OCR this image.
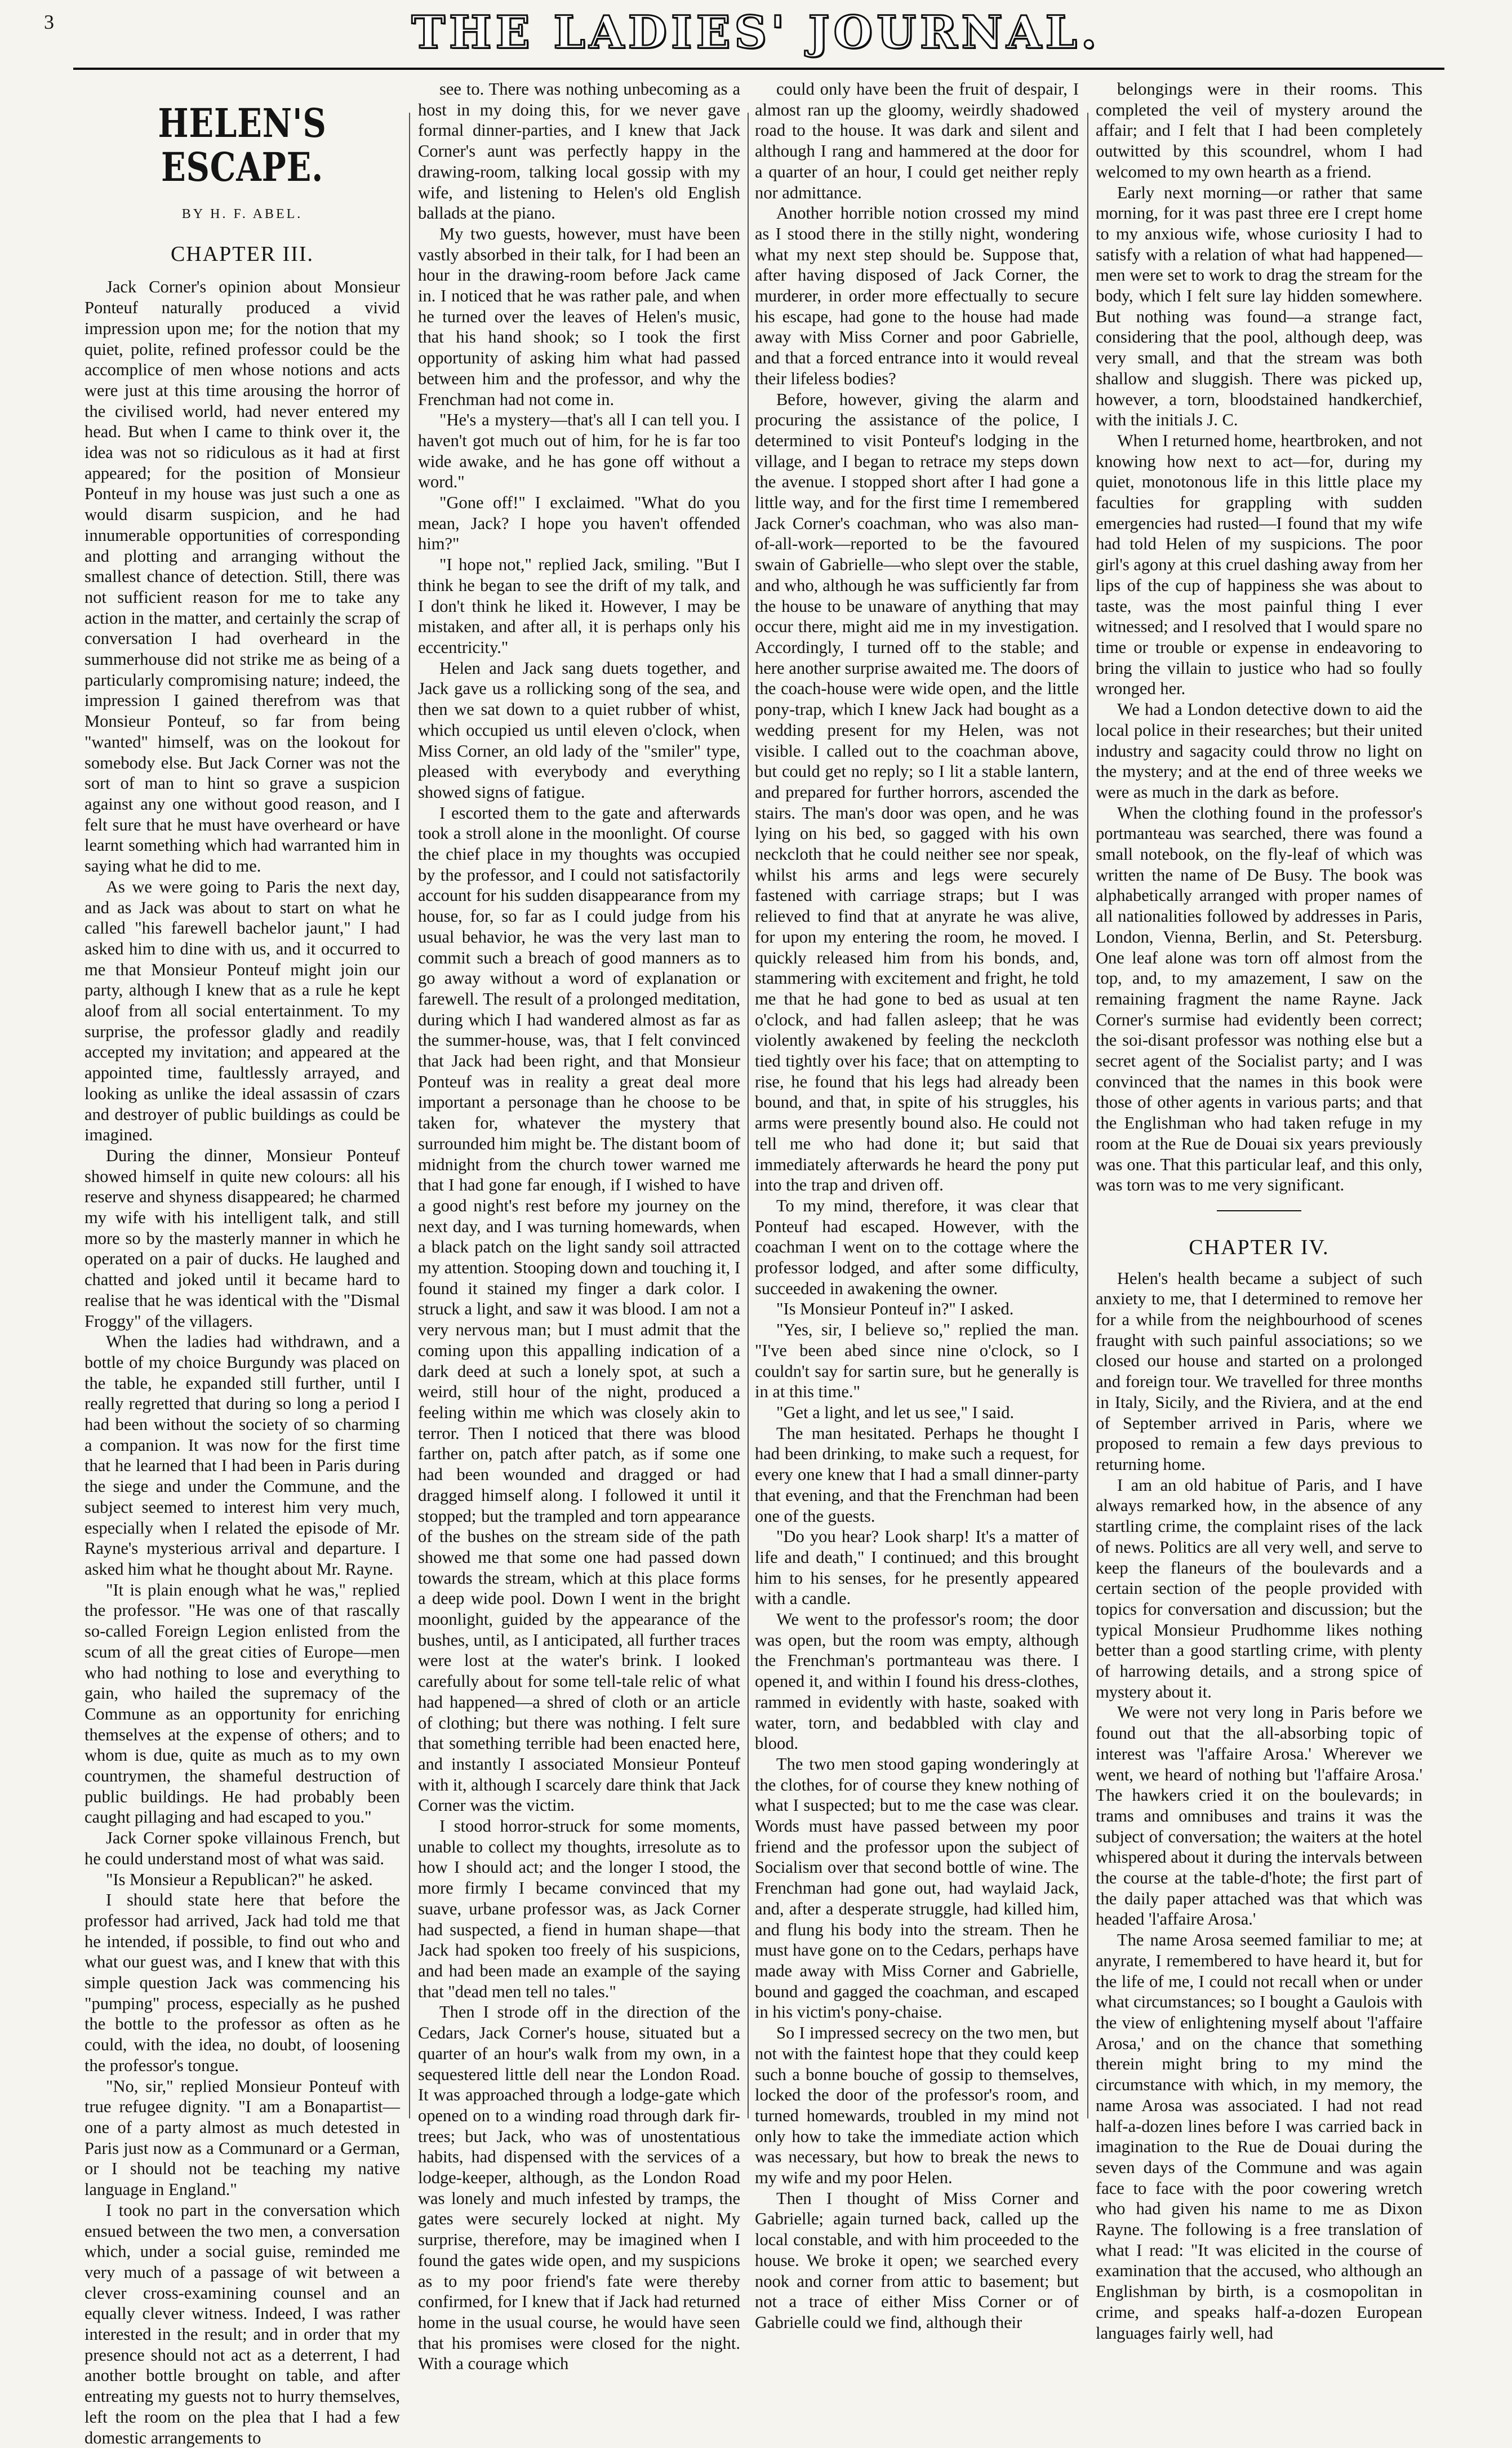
3	THE LADIES' JOURNAL.
HELEN'S ESCAPE.
BY H. F. ABEL.
CHAPTER III.

Jack Corner's opinion about Monsieur Ponteuf naturally produced a vivid impression upon me; for the notion that my quiet, polite, refined professor could be the accomplice of men whose notions and acts were just at this time arousing the horror of the civilised world, had never entered my head. But when I came to think over it, the idea was not so ridiculous as it had at first appeared; for the position of Monsieur Ponteuf in my house was just such a one as would disarm suspicion, and he had innumerable opportunities of corresponding and plotting and arranging without the smallest chance of detection. Still, there was not sufficient reason for me to take any action in the matter, and certainly the scrap of conversation I had overheard in the summerhouse did not strike me as being of a particularly compromising nature; indeed, the impression I gained therefrom was that Monsieur Ponteuf, so far from being "wanted" himself, was on the lookout for somebody else. But Jack Corner was not the sort of man to hint so grave a suspicion against any one without good reason, and I felt sure that he must have overheard or have learnt something which had warranted him in saying what he did to me.

As we were going to Paris the next day, and as Jack was about to start on what he called "his farewell bachelor jaunt," I had asked him to dine with us, and it occurred to me that Monsieur Ponteuf might join our party, although I knew that as a rule he kept aloof from all social entertainment. To my surprise, the professor gladly and readily accepted my invitation; and appeared at the appointed time, faultlessly arrayed, and looking as unlike the ideal assassin of czars and destroyer of public buildings as could be imagined.

During the dinner, Monsieur Ponteuf showed himself in quite new colours: all his reserve and shyness disappeared; he charmed my wife with his intelligent talk, and still more so by the masterly manner in which he operated on a pair of ducks. He laughed and chatted and joked until it became hard to realise that he was identical with the "Dismal Froggy" of the villagers.

When the ladies had withdrawn, and a bottle of my choice Burgundy was placed on the table, he expanded still further, until I really regretted that during so long a period I had been without the society of so charming a companion. It was now for the first time that he learned that I had been in Paris during the siege and under the Commune, and the subject seemed to interest him very much, especially when I related the episode of Mr. Rayne's mysterious arrival and departure. I asked him what he thought about Mr. Rayne.

"It is plain enough what he was," replied the professor. "He was one of that rascally so-called Foreign Legion enlisted from the scum of all the great cities of Europe—men who had nothing to lose and everything to gain, who hailed the supremacy of the Commune as an opportunity for enriching themselves at the expense of others; and to whom is due, quite as much as to my own countrymen, the shameful destruction of public buildings. He had probably been caught pillaging and had escaped to you."

Jack Corner spoke villainous French, but he could understand most of what was said.

"Is Monsieur a Republican?" he asked.

I should state here that before the professor had arrived, Jack had told me that he intended, if possible, to find out who and what our guest was, and I knew that with this simple question Jack was commencing his "pumping" process, especially as he pushed the bottle to the professor as often as he could, with the idea, no doubt, of loosening the professor's tongue.

"No, sir," replied Monsieur Ponteuf with true refugee dignity. "I am a Bonapartist—one of a party almost as much detested in Paris just now as a Communard or a German, or I should not be teaching my native language in England."

I took no part in the conversation which ensued between the two men, a conversation which, under a social guise, reminded me very much of a passage of wit between a clever cross-examining counsel and an equally clever witness. Indeed, I was rather interested in the result; and in order that my presence should not act as a deterrent, I had another bottle brought on table, and after entreating my guests not to hurry themselves, left the room on the plea that I had a few domestic arrangements to

see to. There was nothing unbecoming as a host in my doing this, for we never gave formal dinner-parties, and I knew that Jack Corner's aunt was perfectly happy in the drawing-room, talking local gossip with my wife, and listening to Helen's old English ballads at the piano.

My two guests, however, must have been vastly absorbed in their talk, for I had been an hour in the drawing-room before Jack came in. I noticed that he was rather pale, and when he turned over the leaves of Helen's music, that his hand shook; so I took the first opportunity of asking him what had passed between him and the professor, and why the Frenchman had not come in.

"He's a mystery—that's all I can tell you. I haven't got much out of him, for he is far too wide awake, and he has gone off without a word."

"Gone off!" I exclaimed. "What do you mean, Jack? I hope you haven't offended him?"

"I hope not," replied Jack, smiling. "But I think he began to see the drift of my talk, and I don't think he liked it. However, I may be mistaken, and after all, it is perhaps only his eccentricity."

Helen and Jack sang duets together, and Jack gave us a rollicking song of the sea, and then we sat down to a quiet rubber of whist, which occupied us until eleven o'clock, when Miss Corner, an old lady of the "smiler" type, pleased with everybody and everything showed signs of fatigue.

I escorted them to the gate and afterwards took a stroll alone in the moonlight. Of course the chief place in my thoughts was occupied by the professor, and I could not satisfactorily account for his sudden disappearance from my house, for, so far as I could judge from his usual behavior, he was the very last man to commit such a breach of good manners as to go away without a word of explanation or farewell. The result of a prolonged meditation, during which I had wandered almost as far as the summer-house, was, that I felt convinced that Jack had been right, and that Monsieur Ponteuf was in reality a great deal more important a personage than he choose to be taken for, whatever the mystery that surrounded him might be. The distant boom of midnight from the church tower warned me that I had gone far enough, if I wished to have a good night's rest before my journey on the next day, and I was turning homewards, when a black patch on the light sandy soil attracted my attention. Stooping down and touching it, I found it stained my finger a dark color. I struck a light, and saw it was blood. I am not a very nervous man; but I must admit that the coming upon this appalling indication of a dark deed at such a lonely spot, at such a weird, still hour of the night, produced a feeling within me which was closely akin to terror. Then I noticed that there was blood farther on, patch after patch, as if some one had been wounded and dragged or had dragged himself along. I followed it until it stopped; but the trampled and torn appearance of the bushes on the stream side of the path showed me that some one had passed down towards the stream, which at this place forms a deep wide pool. Down I went in the bright moonlight, guided by the appearance of the bushes, until, as I anticipated, all further traces were lost at the water's brink. I looked carefully about for some tell-tale relic of what had happened—a shred of cloth or an article of clothing; but there was nothing. I felt sure that something terrible had been enacted here, and instantly I associated Monsieur Ponteuf with it, although I scarcely dare think that Jack Corner was the victim.

I stood horror-struck for some moments, unable to collect my thoughts, irresolute as to how I should act; and the longer I stood, the more firmly I became convinced that my suave, urbane professor was, as Jack Corner had suspected, a fiend in human shape—that Jack had spoken too freely of his suspicions, and had been made an example of the saying that "dead men tell no tales."

Then I strode off in the direction of the Cedars, Jack Corner's house, situated but a quarter of an hour's walk from my own, in a sequestered little dell near the London Road. It was approached through a lodge-gate which opened on to a winding road through dark fir-trees; but Jack, who was of unostentatious habits, had dispensed with the services of a lodge-keeper, although, as the London Road was lonely and much infested by tramps, the gates were securely locked at night. My surprise, therefore, may be imagined when I found the gates wide open, and my suspicions as to my poor friend's fate were thereby confirmed, for I knew that if Jack had returned home in the usual course, he would have seen that his promises were closed for the night. With a courage which

could only have been the fruit of despair, I almost ran up the gloomy, weirdly shadowed road to the house. It was dark and silent and although I rang and hammered at the door for a quarter of an hour, I could get neither reply nor admittance.

Another horrible notion crossed my mind as I stood there in the stilly night, wondering what my next step should be. Suppose that, after having disposed of Jack Corner, the murderer, in order more effectually to secure his escape, had gone to the house had made away with Miss Corner and poor Gabrielle, and that a forced entrance into it would reveal their lifeless bodies?

Before, however, giving the alarm and procuring the assistance of the police, I determined to visit Ponteuf's lodging in the village, and I began to retrace my steps down the avenue. I stopped short after I had gone a little way, and for the first time I remembered Jack Corner's coachman, who was also man-of-all-work—reported to be the favoured swain of Gabrielle—who slept over the stable, and who, although he was sufficiently far from the house to be unaware of anything that may occur there, might aid me in my investigation. Accordingly, I turned off to the stable; and here another surprise awaited me. The doors of the coach-house were wide open, and the little pony-trap, which I knew Jack had bought as a wedding present for my Helen, was not visible. I called out to the coachman above, but could get no reply; so I lit a stable lantern, and prepared for further horrors, ascended the stairs. The man's door was open, and he was lying on his bed, so gagged with his own neckcloth that he could neither see nor speak, whilst his arms and legs were securely fastened with carriage straps; but I was relieved to find that at anyrate he was alive, for upon my entering the room, he moved. I quickly released him from his bonds, and, stammering with excitement and fright, he told me that he had gone to bed as usual at ten o'clock, and had fallen asleep; that he was violently awakened by feeling the neckcloth tied tightly over his face; that on attempting to rise, he found that his legs had already been bound, and that, in spite of his struggles, his arms were presently bound also. He could not tell me who had done it; but said that immediately afterwards he heard the pony put into the trap and driven off.

To my mind, therefore, it was clear that Ponteuf had escaped. However, with the coachman I went on to the cottage where the professor lodged, and after some difficulty, succeeded in awakening the owner.

"Is Monsieur Ponteuf in?" I asked.

"Yes, sir, I believe so," replied the man. "I've been abed since nine o'clock, so I couldn't say for sartin sure, but he generally is in at this time."

"Get a light, and let us see," I said.

The man hesitated. Perhaps he thought I had been drinking, to make such a request, for every one knew that I had a small dinner-party that evening, and that the Frenchman had been one of the guests.

"Do you hear? Look sharp! It's a matter of life and death," I continued; and this brought him to his senses, for he presently appeared with a candle.

We went to the professor's room; the door was open, but the room was empty, although the Frenchman's portmanteau was there. I opened it, and within I found his dress-clothes, rammed in evidently with haste, soaked with water, torn, and bedabbled with clay and blood.

The two men stood gaping wonderingly at the clothes, for of course they knew nothing of what I suspected; but to me the case was clear. Words must have passed between my poor friend and the professor upon the subject of Socialism over that second bottle of wine. The Frenchman had gone out, had waylaid Jack, and, after a desperate struggle, had killed him, and flung his body into the stream. Then he must have gone on to the Cedars, perhaps have made away with Miss Corner and Gabrielle, bound and gagged the coachman, and escaped in his victim's pony-chaise.

So I impressed secrecy on the two men, but not with the faintest hope that they could keep such a bonne bouche of gossip to themselves, locked the door of the professor's room, and turned homewards, troubled in my mind not only how to take the immediate action which was necessary, but how to break the news to my wife and my poor Helen.

Then I thought of Miss Corner and Gabrielle; again turned back, called up the local constable, and with him proceeded to the house. We broke it open; we searched every nook and corner from attic to basement; but not a trace of either Miss Corner or of Gabrielle could we find, although their

belongings were in their rooms. This completed the veil of mystery around the affair; and I felt that I had been completely outwitted by this scoundrel, whom I had welcomed to my own hearth as a friend.

Early next morning—or rather that same morning, for it was past three ere I crept home to my anxious wife, whose curiosity I had to satisfy with a relation of what had happened—men were set to work to drag the stream for the body, which I felt sure lay hidden somewhere. But nothing was found—a strange fact, considering that the pool, although deep, was very small, and that the stream was both shallow and sluggish. There was picked up, however, a torn, bloodstained handkerchief, with the initials J. C.

When I returned home, heartbroken, and not knowing how next to act—for, during my quiet, monotonous life in this little place my faculties for grappling with sudden emergencies had rusted—I found that my wife had told Helen of my suspicions. The poor girl's agony at this cruel dashing away from her lips of the cup of happiness she was about to taste, was the most painful thing I ever witnessed; and I resolved that I would spare no time or trouble or expense in endeavoring to bring the villain to justice who had so foully wronged her.

We had a London detective down to aid the local police in their researches; but their united industry and sagacity could throw no light on the mystery; and at the end of three weeks we were as much in the dark as before.

When the clothing found in the professor's portmanteau was searched, there was found a small notebook, on the fly-leaf of which was written the name of De Busy. The book was alphabetically arranged with proper names of all nationalities followed by addresses in Paris, London, Vienna, Berlin, and St. Petersburg. One leaf alone was torn off almost from the top, and, to my amazement, I saw on the remaining fragment the name Rayne. Jack Corner's surmise had evidently been correct; the soi-disant professor was nothing else but a secret agent of the Socialist party; and I was convinced that the names in this book were those of other agents in various parts; and that the Englishman who had taken refuge in my room at the Rue de Douai six years previously was one. That this particular leaf, and this only, was torn was to me very significant.

CHAPTER IV.

Helen's health became a subject of such anxiety to me, that I determined to remove her for a while from the neighbourhood of scenes fraught with such painful associations; so we closed our house and started on a prolonged and foreign tour. We travelled for three months in Italy, Sicily, and the Riviera, and at the end of September arrived in Paris, where we proposed to remain a few days previous to returning home.

I am an old habitue of Paris, and I have always remarked how, in the absence of any startling crime, the complaint rises of the lack of news. Politics are all very well, and serve to keep the flaneurs of the boulevards and a certain section of the people provided with topics for conversation and discussion; but the typical Monsieur Prudhomme likes nothing better than a good startling crime, with plenty of harrowing details, and a strong spice of mystery about it.

We were not very long in Paris before we found out that the all-absorbing topic of interest was 'l'affaire Arosa.' Wherever we went, we heard of nothing but 'l'affaire Arosa.' The hawkers cried it on the boulevards; in trams and omnibuses and trains it was the subject of conversation; the waiters at the hotel whispered about it during the intervals between the course at the table-d'hote; the first part of the daily paper attached was that which was headed 'l'affaire Arosa.'

The name Arosa seemed familiar to me; at anyrate, I remembered to have heard it, but for the life of me, I could not recall when or under what circumstances; so I bought a Gaulois with the view of enlightening myself about 'l'affaire Arosa,' and on the chance that something therein might bring to my mind the circumstance with which, in my memory, the name Arosa was associated. I had not read half-a-dozen lines before I was carried back in imagination to the Rue de Douai during the seven days of the Commune and was again face to face with the poor cowering wretch who had given his name to me as Dixon Rayne. The following is a free translation of what I read: "It was elicited in the course of examination that the accused, who although an Englishman by birth, is a cosmopolitan in crime, and speaks half-a-dozen European languages fairly well, had
